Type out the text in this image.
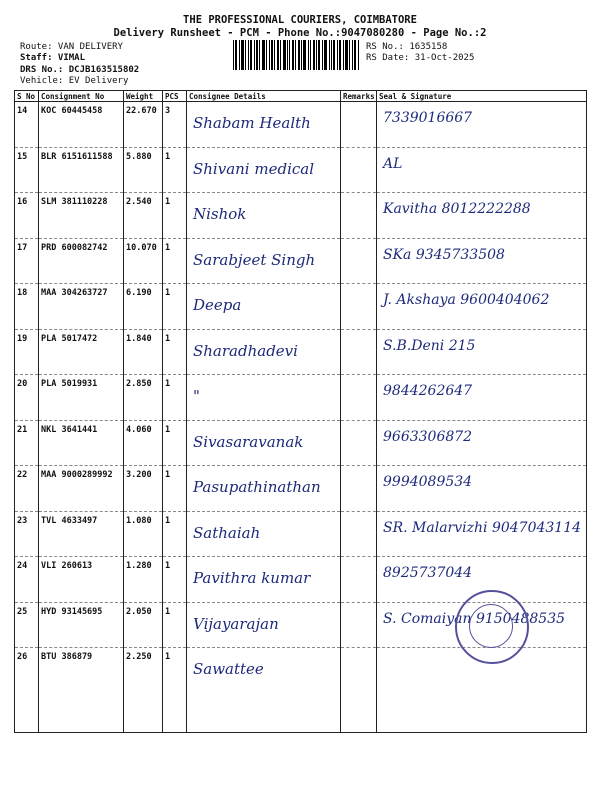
THE PROFESSIONAL COURIERS, COIMBATORE
Delivery Runsheet - PCM - Phone No.:9047080280 - Page No.:2
Route: VAN DELIVERY
Staff: VIMAL
DRS No.: DCJB163515802
Vehicle: EV Delivery
RS No.: 1635158
RS Date: 31-Oct-2025
S No	Consignment No	Weight	PCS	Consignee Details	Remarks	Seal & Signature
14	KOC 60445458	22.670	3	Shabam Health		7339016667

15	BLR 6151611588	5.880	1	Shivani medical		AL

16	SLM 381110228	2.540	1	Nishok		Kavitha 8012222288

17	PRD 600082742	10.070	1	Sarabjeet Singh		SKa 9345733508

18	MAA 304263727	6.190	1	Deepa		J. Akshaya 9600404062

19	PLA 5017472	1.840	1	Sharadhadevi		S.B.Deni 215

20	PLA 5019931	2.850	1	"		9844262647

21	NKL 3641441	4.060	1	Sivasaravanak		9663306872

22	MAA 9000289992	3.200	1	Pasupathinathan		9994089534

23	TVL 4633497	1.080	1	Sathaiah		SR. Malarvizhi 9047043114

24	VLI 260613	1.280	1	Pavithra kumar		8925737044

25	HYD 93145695	2.050	1	Vijayarajan		S. Comaiyan 9150488535

26	BTU 386879	2.250	1	Sawattee		
